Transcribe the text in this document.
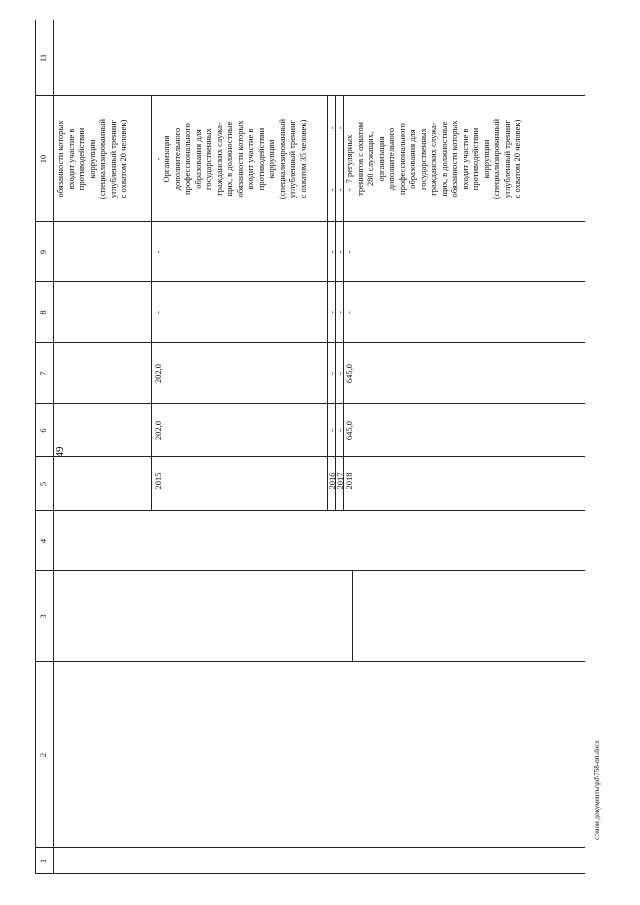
49
c:\мои документы\pd\758-пп.docx
1
2
3
4
5
6
7
8
9
10
11
обязанности которых
входит участие в
противодействии
коррупции
(специализированный
углубленный тренинг
с охватом 20 человек)
2015
202,0
202,0
-
-
-
Организация
дополнительного
профессионального
образования для
государственных
гражданских служа-
щих, в должностные
обязанности которых
входит участие в
противодействии
коррупции
(специализированный
углубленный тренинг
с охватом 35 человек)
2016
-
-
-
-
-
-
2017
-
-
-
-
-
-
2018
645,0
645,0
-
-
-
7 регулярных
тренингов с охватом
280 служащих,
организация
дополнительного
профессионального
образования для
государственных
гражданских служа-
щих, в должностные
обязанности которых
входит участие в
противодействии
коррупции
(специализированный
углубленный тренинг
с охватом 20 человек)
